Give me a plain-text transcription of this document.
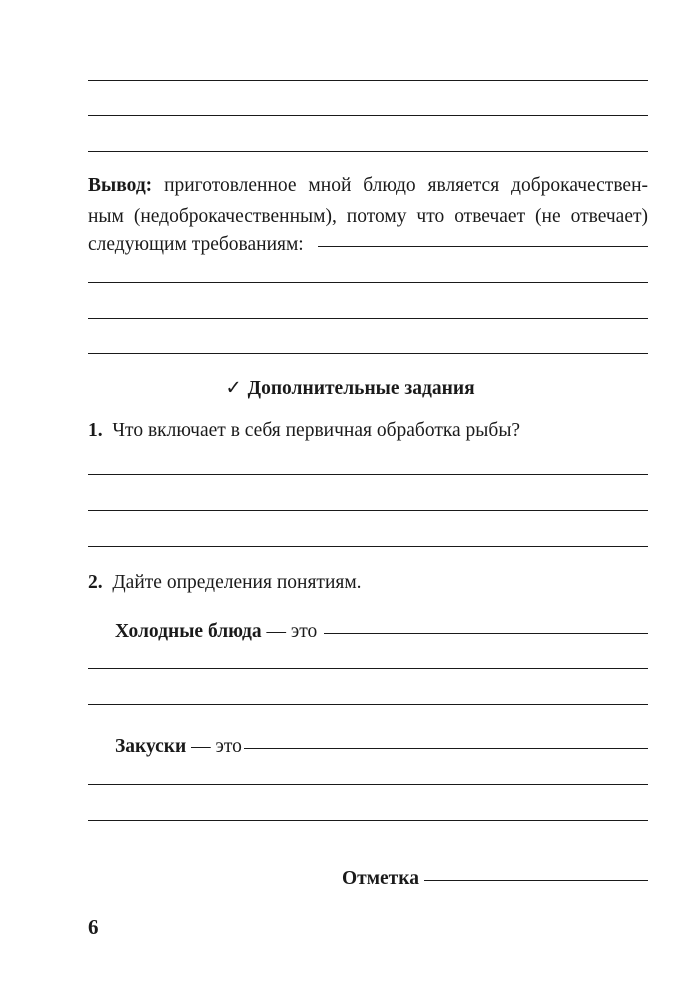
Вывод: приготовленное мной блюдо является доброкачествен-
ным (недоброкачественным), потому что отвечает (не отвечает)
следующим требованиям:
✓ Дополнительные задания
1. Что включает в себя первичная обработка рыбы?
2. Дайте определения понятиям.
Холодные блюда — это
Закуски — это
Отметка
6
